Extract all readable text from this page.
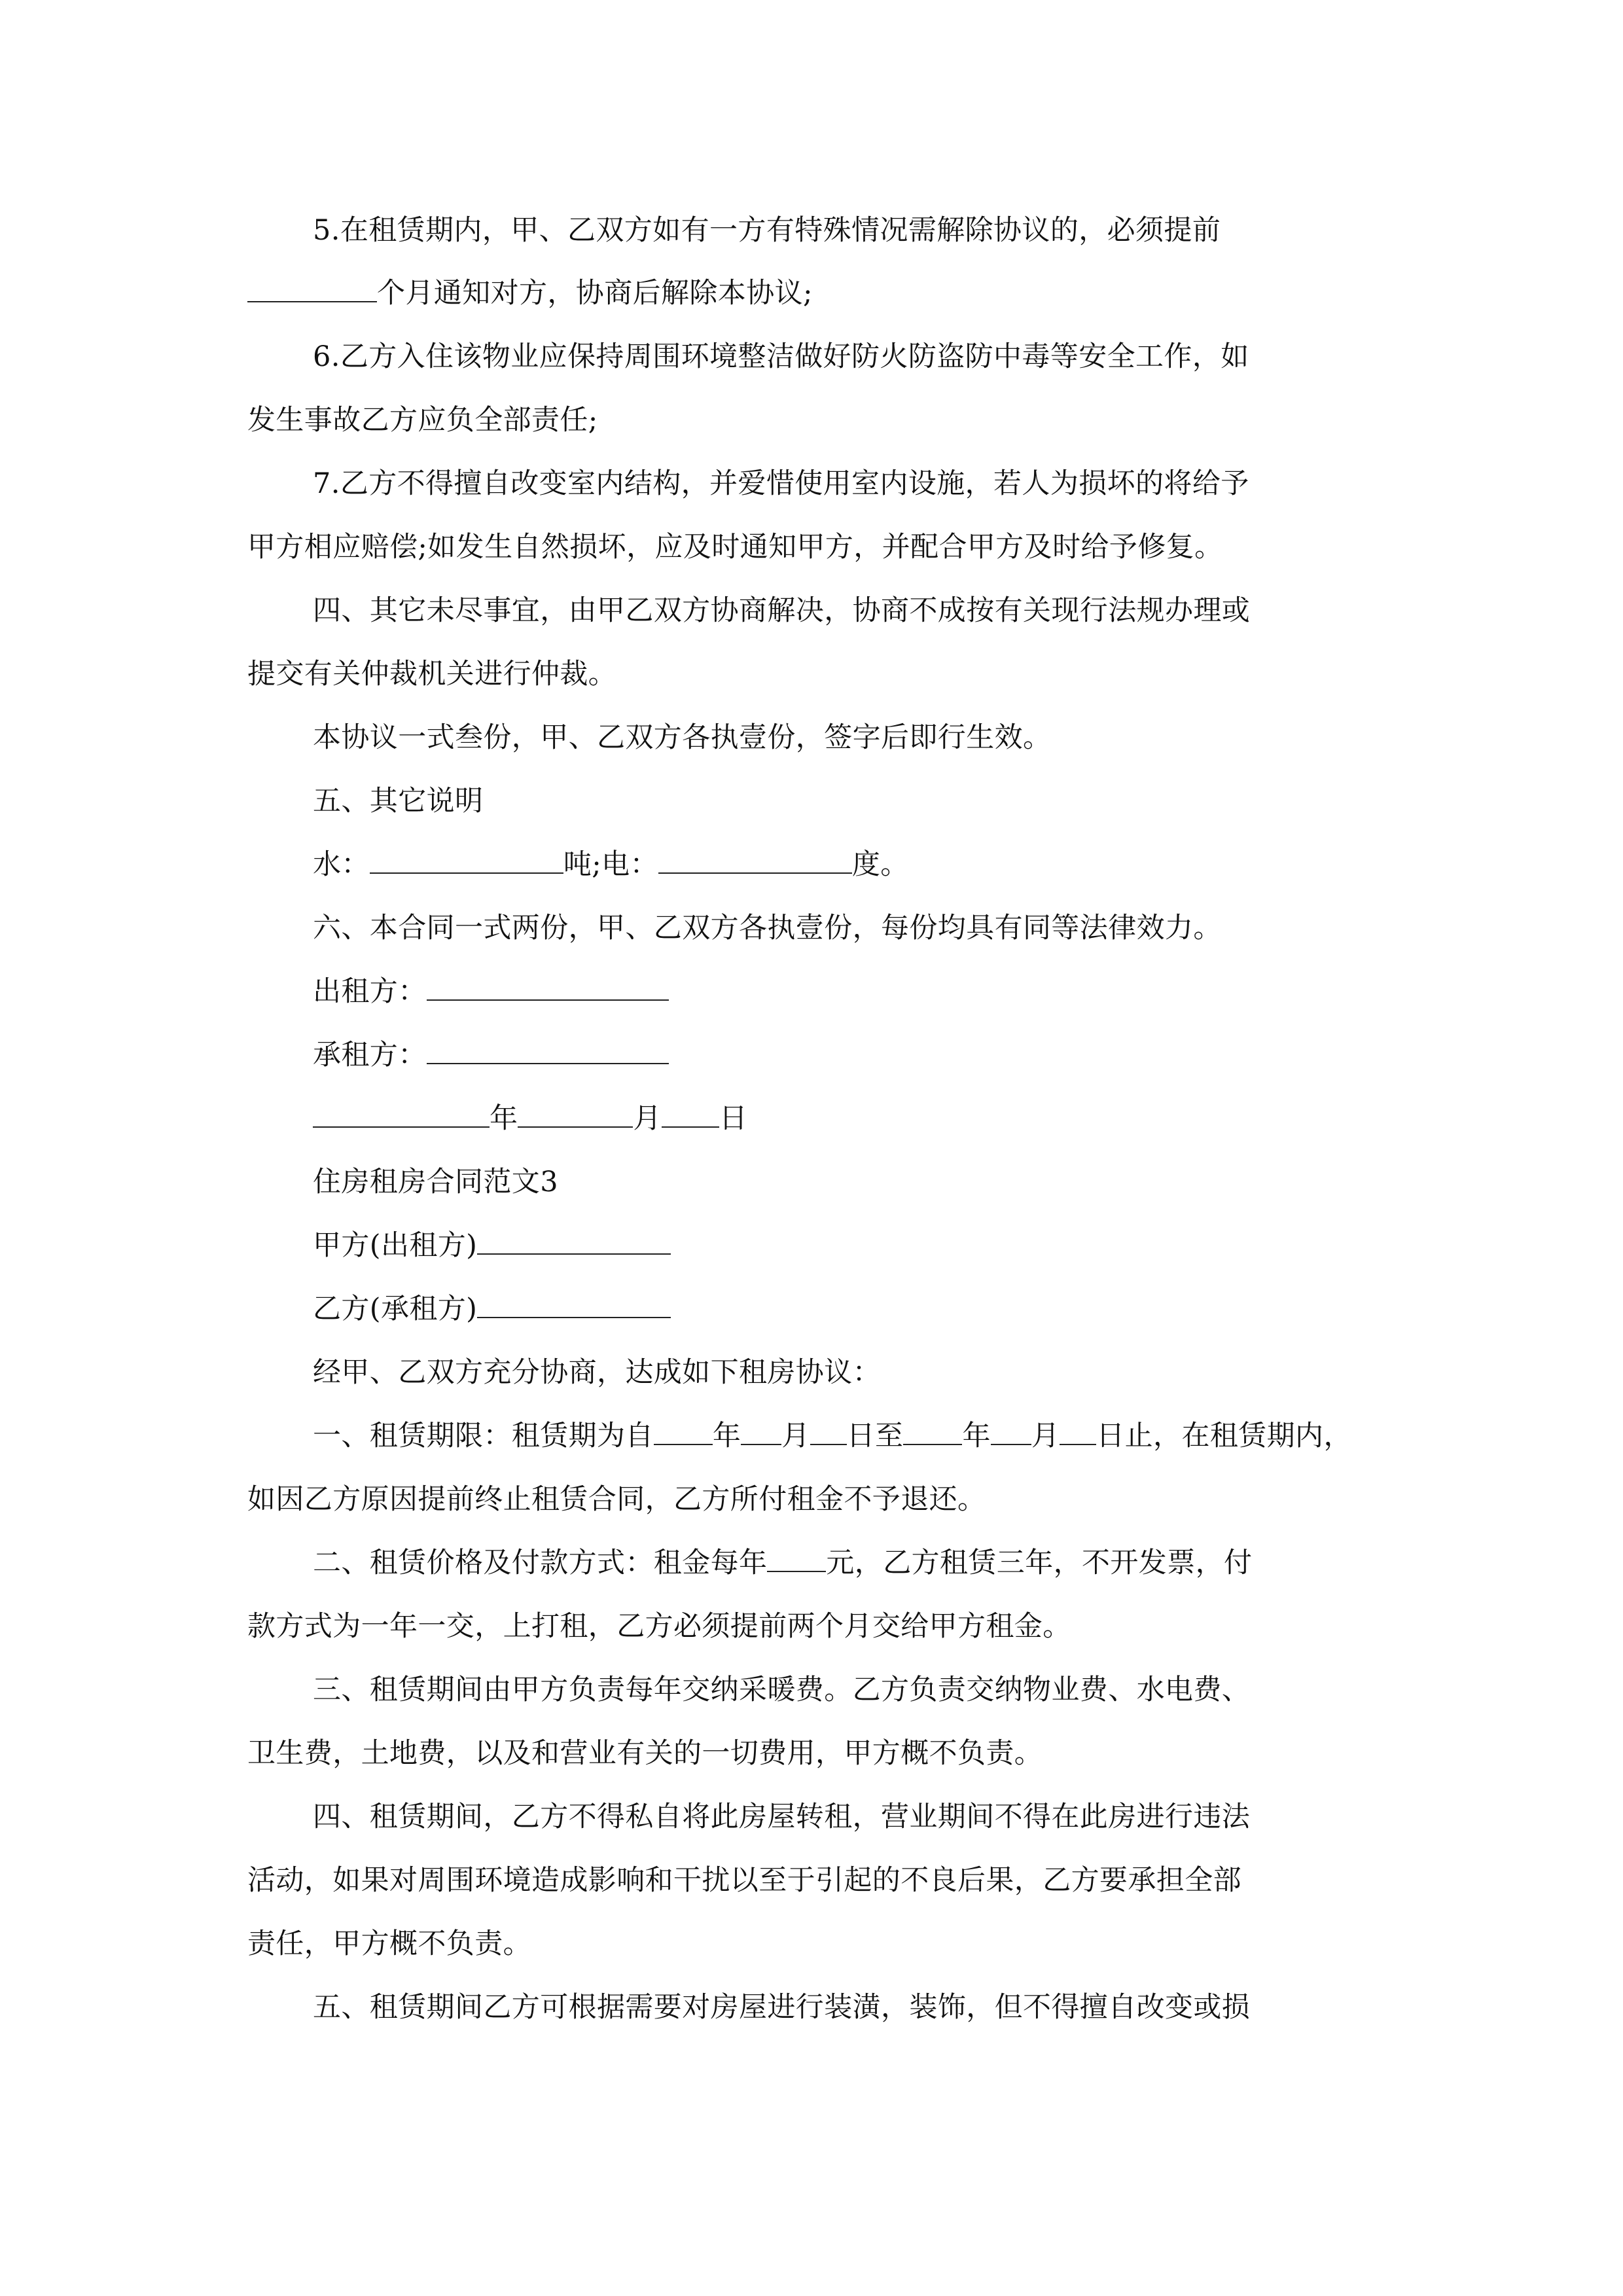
5.在租赁期内，甲、乙双方如有一方有特殊情况需解除协议的，必须提前
个月通知对方，协商后解除本协议;
6.乙方入住该物业应保持周围环境整洁做好防火防盗防中毒等安全工作，如
发生事故乙方应负全部责任;
7.乙方不得擅自改变室内结构，并爱惜使用室内设施，若人为损坏的将给予
甲方相应赔偿;如发生自然损坏，应及时通知甲方，并配合甲方及时给予修复。
四、其它未尽事宜，由甲乙双方协商解决，协商不成按有关现行法规办理或
提交有关仲裁机关进行仲裁。
本协议一式叁份，甲、乙双方各执壹份，签字后即行生效。
五、其它说明
水：	吨;电：	度。
六、本合同一式两份，甲、乙双方各执壹份，每份均具有同等法律效力。
出租方：
承租方：
年	月 日
住房租房合同范文3
甲方(出租方)
乙方(承租方)
经甲、乙双方充分协商，达成如下租房协议：
一、租赁期限：租赁期为自 年 月 日至 年 月 日止，在租赁期内，
如因乙方原因提前终止租赁合同，乙方所付租金不予退还。
二、租赁价格及付款方式：租金每年 元，乙方租赁三年，不开发票，付
款方式为一年一交，上打租，乙方必须提前两个月交给甲方租金。
三、租赁期间由甲方负责每年交纳采暖费。乙方负责交纳物业费、水电费、
卫生费，土地费，以及和营业有关的一切费用，甲方概不负责。
四、租赁期间，乙方不得私自将此房屋转租，营业期间不得在此房进行违法
活动，如果对周围环境造成影响和干扰以至于引起的不良后果，乙方要承担全部
责任，甲方概不负责。
五、租赁期间乙方可根据需要对房屋进行装潢，装饰，但不得擅自改变或损
